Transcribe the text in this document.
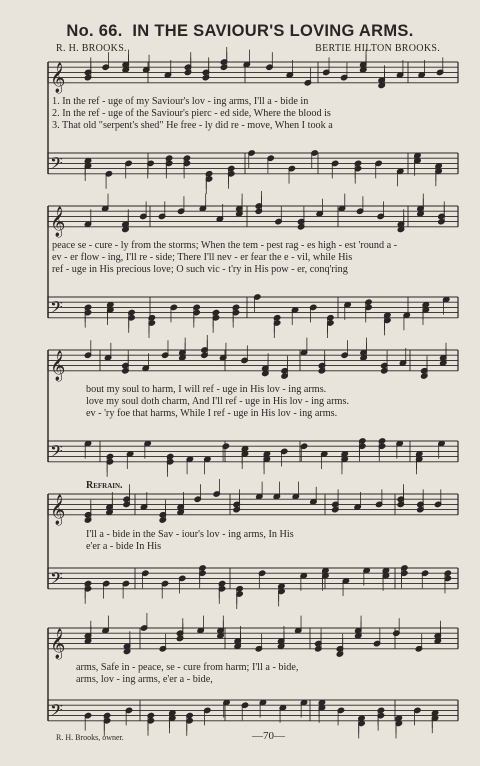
No. 66. IN THE SAVIOUR'S LOVING ARMS.
R. H. BROOKS.	BERTIE HILTON BROOKS.
𝄞
𝄢
𝄞
𝄢
𝄞
𝄢
𝄞
𝄢
𝄞
𝄢
1. In the ref - uge of my Saviour's lov - ing arms, I'll a - bide in
2. In the ref - uge of the Saviour's pierc - ed side, Where the blood is
3. That old "serpent's shed" He free - ly did re - move, When I took a
peace se - cure - ly from the storms; When the tem - pest rag - es high - est 'round a -
ev - er flow - ing, I'll re - side; There I'll nev - er fear the e - vil, while His
ref - uge in His precious love; O such vic - t'ry in His pow - er, conq'ring
bout my soul to harm, I will ref - uge in His lov - ing arms.
love my soul doth charm, And I'll ref - uge in His lov - ing arms.
ev - 'ry foe that harms, While I ref - uge in His lov - ing arms.
Refrain.
I'll a - bide in the Sav - iour's lov - ing arms, In His
e'er a - bide In His
arms, Safe in - peace, se - cure from harm; I'll a - bide,
arms, lov - ing arms, e'er a - bide,
R. H. Brooks, owner.	—70—
